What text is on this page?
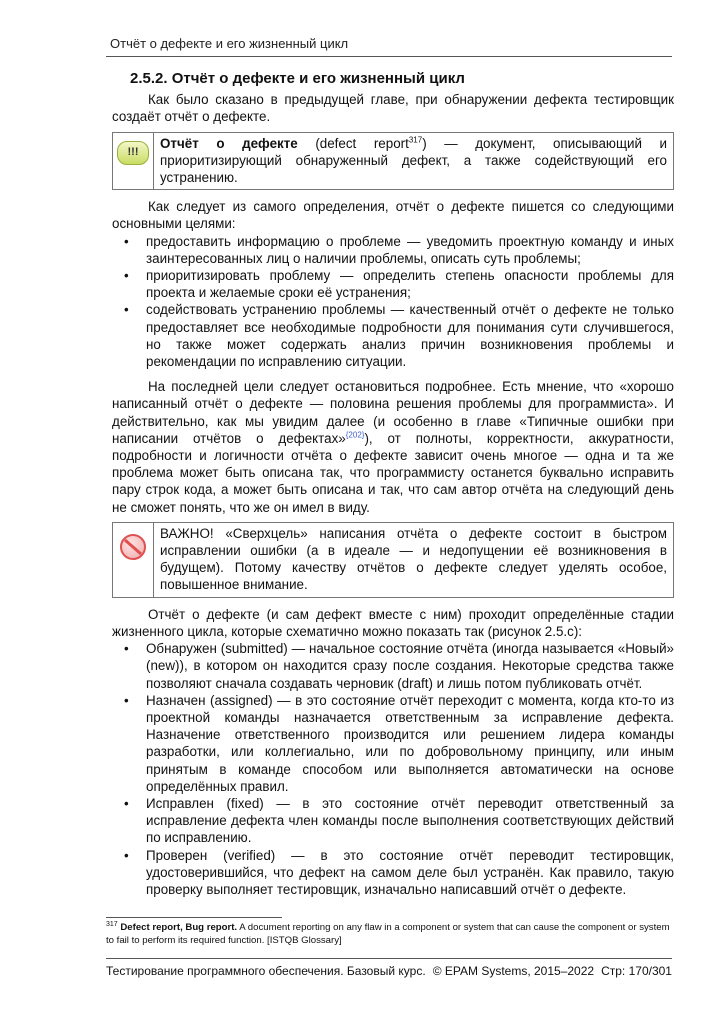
Отчёт о дефекте и его жизненный цикл
2.5.2. Отчёт о дефекте и его жизненный цикл

Как было сказано в предыдущей главе, при обнаружении дефекта тестировщик создаёт отчёт о дефекте.

!!!
Отчёт о дефекте (defect report$^{317}$) — документ, описывающий и приоритизирующий обнаруженный дефект, а также содействующий его устранению.

Как следует из самого определения, отчёт о дефекте пишется со следующими основными целями:

• предоставить информацию о проблеме — уведомить проектную команду и иных заинтересованных лиц о наличии проблемы, описать суть проблемы;
• приоритизировать проблему — определить степень опасности проблемы для проекта и желаемые сроки её устранения;
• содействовать устранению проблемы — качественный отчёт о дефекте не только предоставляет все необходимые подробности для понимания сути случившегося, но также может содержать анализ причин возникновения проблемы и рекомендации по исправлению ситуации.

На последней цели следует остановиться подробнее. Есть мнение, что «хорошо написанный отчёт о дефекте — половина решения проблемы для программиста». И действительно, как мы увидим далее (и особенно в главе «Типичные ошибки при написании отчётов о дефектах»$^{\{202\}}$), от полноты, корректности, аккуратности, подробности и логичности отчёта о дефекте зависит очень многое — одна и та же проблема может быть описана так, что программисту останется буквально исправить пару строк кода, а может быть описана и так, что сам автор отчёта на следующий день не сможет понять, что же он имел в виду.

ВАЖНО! «Сверхцель» написания отчёта о дефекте состоит в быстром исправлении ошибки (а в идеале — и недопущении её возникновения в будущем). Потому качеству отчётов о дефекте следует уделять особое, повышенное внимание.

Отчёт о дефекте (и сам дефект вместе с ним) проходит определённые стадии жизненного цикла, которые схематично можно показать так (рисунок 2.5.c):

• Обнаружен (submitted) — начальное состояние отчёта (иногда называется «Новый» (new)), в котором он находится сразу после создания. Некоторые средства также позволяют сначала создавать черновик (draft) и лишь потом публиковать отчёт.
• Назначен (assigned) — в это состояние отчёт переходит с момента, когда кто-то из проектной команды назначается ответственным за исправление дефекта. Назначение ответственного производится или решением лидера команды разработки, или коллегиально, или по добровольному принципу, или иным принятым в команде способом или выполняется автоматически на основе определённых правил.
• Исправлен (fixed) — в это состояние отчёт переводит ответственный за исправление дефекта член команды после выполнения соответствующих действий по исправлению.
• Проверен (verified) — в это состояние отчёт переводит тестировщик, удостоверившийся, что дефект на самом деле был устранён. Как правило, такую проверку выполняет тестировщик, изначально написавший отчёт о дефекте.
$^{317}$ Defect report, Bug report. A document reporting on any flaw in a component or system that can cause the component or system to fail to perform its required function. [ISTQB Glossary]
Тестирование программного обеспечения. Базовый курс. © EPAM Systems, 2015–2022 Стр: 170/301
